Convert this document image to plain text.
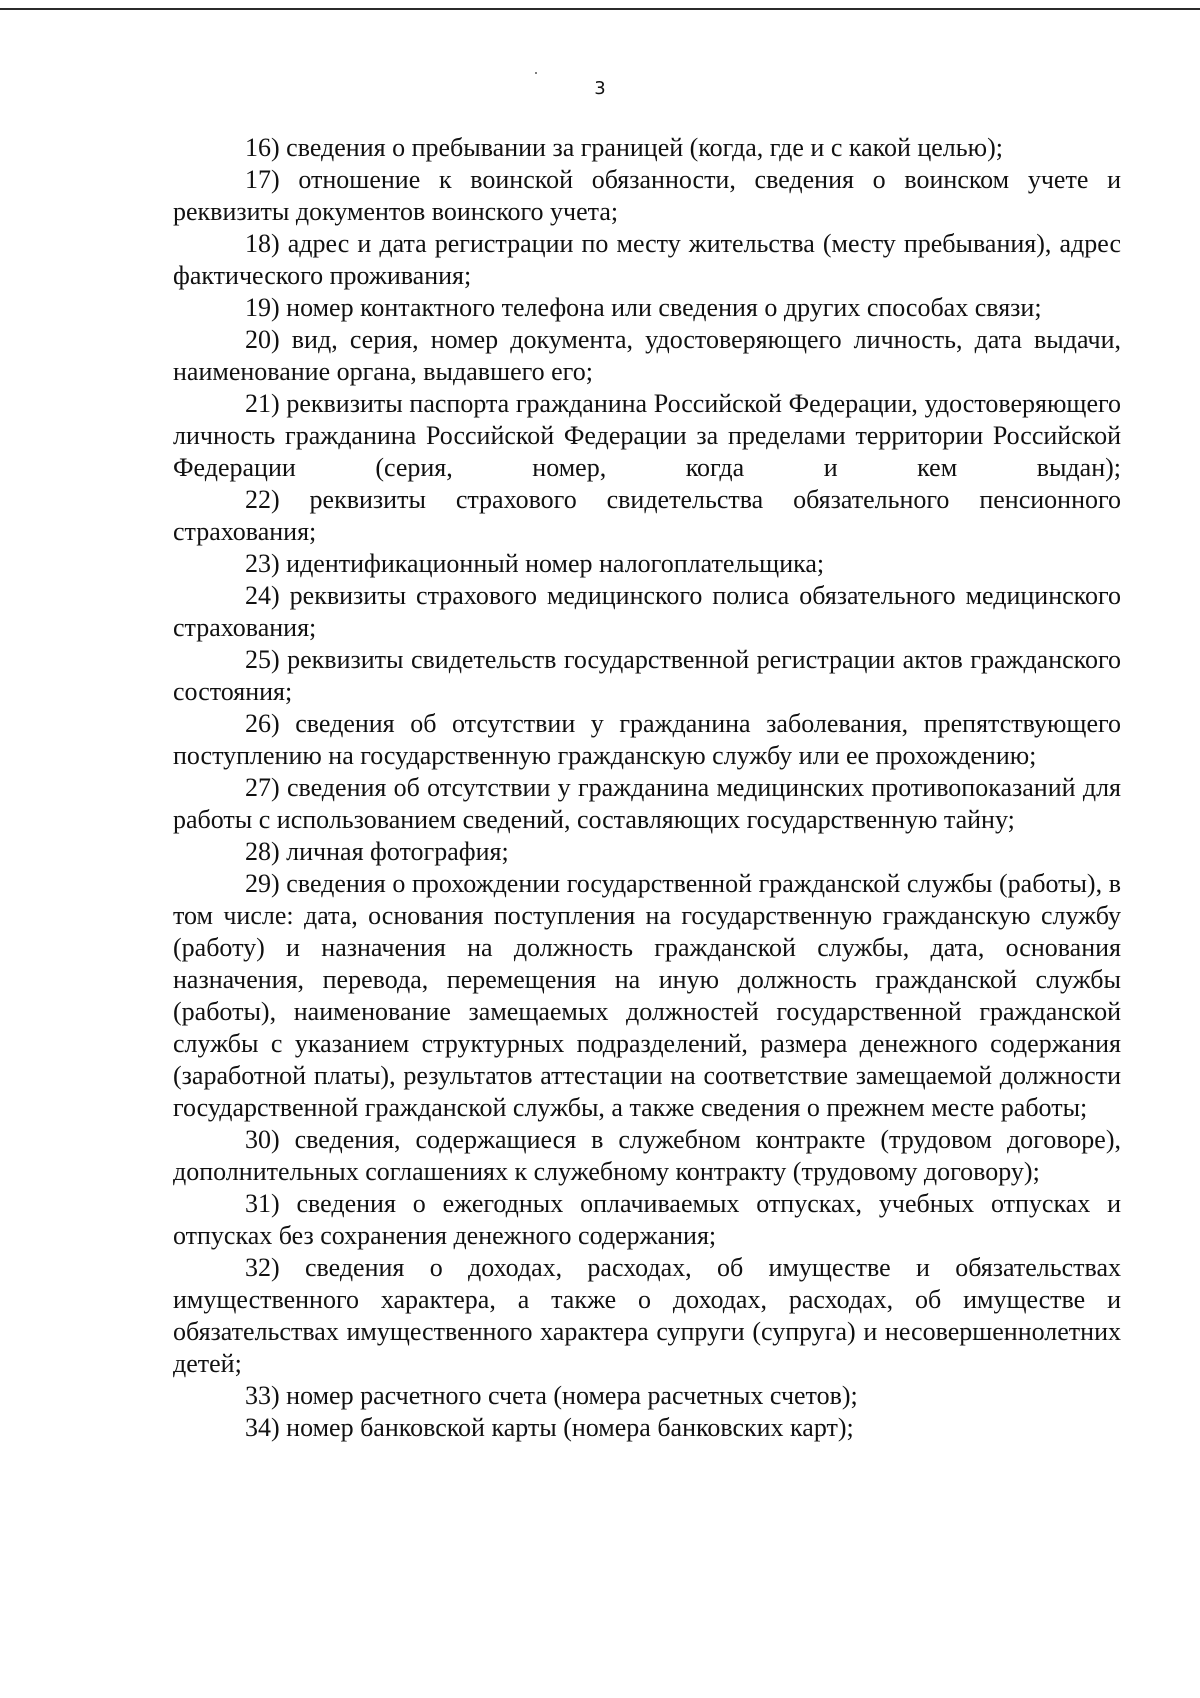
3

16) сведения о пребывании за границей (когда, где и с какой целью);

17) отношение к воинской обязанности, сведения о воинском учете и реквизиты документов воинского учета;

18) адрес и дата регистрации по месту жительства (месту пребывания), адрес фактического проживания;

19) номер контактного телефона или сведения о других способах связи;

20) вид, серия, номер документа, удостоверяющего личность, дата выдачи, наименование органа, выдавшего его;

21) реквизиты паспорта гражданина Российской Федерации, удостоверяющего личность гражданина Российской Федерации за пределами территории Российской Федерации (серия, номер, когда и кем выдан);

22) реквизиты страхового свидетельства обязательного пенсионного страхования;

23) идентификационный номер налогоплательщика;

24) реквизиты страхового медицинского полиса обязательного медицинского страхования;

25) реквизиты свидетельств государственной регистрации актов гражданского состояния;

26) сведения об отсутствии у гражданина заболевания, препятствующего поступлению на государственную гражданскую службу или ее прохождению;

27) сведения об отсутствии у гражданина медицинских противопоказаний для работы с использованием сведений, составляющих государственную тайну;

28) личная фотография;

29) сведения о прохождении государственной гражданской службы (работы), в том числе: дата, основания поступления на государственную гражданскую службу (работу) и назначения на должность гражданской службы, дата, основания назначения, перевода, перемещения на иную должность гражданской службы (работы), наименование замещаемых должностей государственной гражданской службы с указанием структурных подразделений, размера денежного содержания (заработной платы), результатов аттестации на соответствие замещаемой должности государственной гражданской службы, а также сведения о прежнем месте работы;

30) сведения, содержащиеся в служебном контракте (трудовом договоре), дополнительных соглашениях к служебному контракту (трудовому договору);

31) сведения о ежегодных оплачиваемых отпусках, учебных отпусках и отпусках без сохранения денежного содержания;

32) сведения о доходах, расходах, об имуществе и обязательствах имущественного характера, а также о доходах, расходах, об имуществе и обязательствах имущественного характера супруги (супруга) и несовершеннолетних детей;

33) номер расчетного счета (номера расчетных счетов);

34) номер банковской карты (номера банковских карт);
